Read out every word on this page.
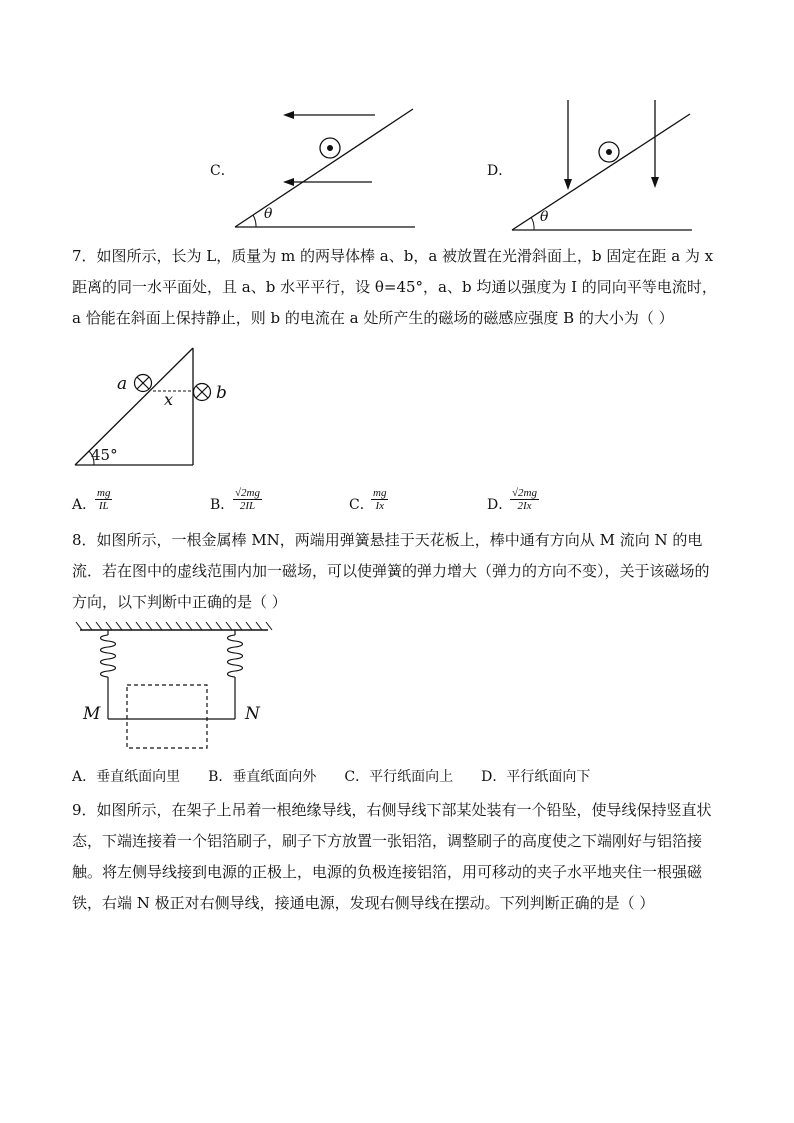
C．
θ
D．
θ
7．如图所示，长为 L，质量为 m 的两导体棒 a、b，a 被放置在光滑斜面上，b 固定在距 a 为 x 距离的同一水平面处，且 a、b 水平平行，设 θ=45°，a、b 均通以强度为 I 的同向平等电流时，a 恰能在斜面上保持静止，则 b 的电流在 a 处所产生的磁场的磁感应强度 B 的大小为（ ）
a	b
x
45°
A．
$\frac{mg}{IL}$	B．
$\frac{√2mg}{2IL}$	C．
$\frac{mg}{Ix}$	D．
$\frac{√2mg}{2Ix}$
8．如图所示，一根金属棒 MN，两端用弹簧悬挂于天花板上，棒中通有方向从 M 流向 N 的电流．若在图中的虚线范围内加一磁场，可以使弹簧的弹力增大（弹力的方向不变），关于该磁场的方向，以下判断中正确的是（ ）
M	N
A．垂直纸面向里　　B．垂直纸面向外　　C．平行纸面向上　　D．平行纸面向下
9．如图所示，在架子上吊着一根绝缘导线，右侧导线下部某处装有一个铅坠，使导线保持竖直状态，下端连接着一个铝箔刷子，刷子下方放置一张铝箔，调整刷子的高度使之下端刚好与铝箔接触。将左侧导线接到电源的正极上，电源的负极连接铝箔，用可移动的夹子水平地夹住一根强磁铁，右端 N 极正对右侧导线，接通电源，发现右侧导线在摆动。下列判断正确的是（ ）
